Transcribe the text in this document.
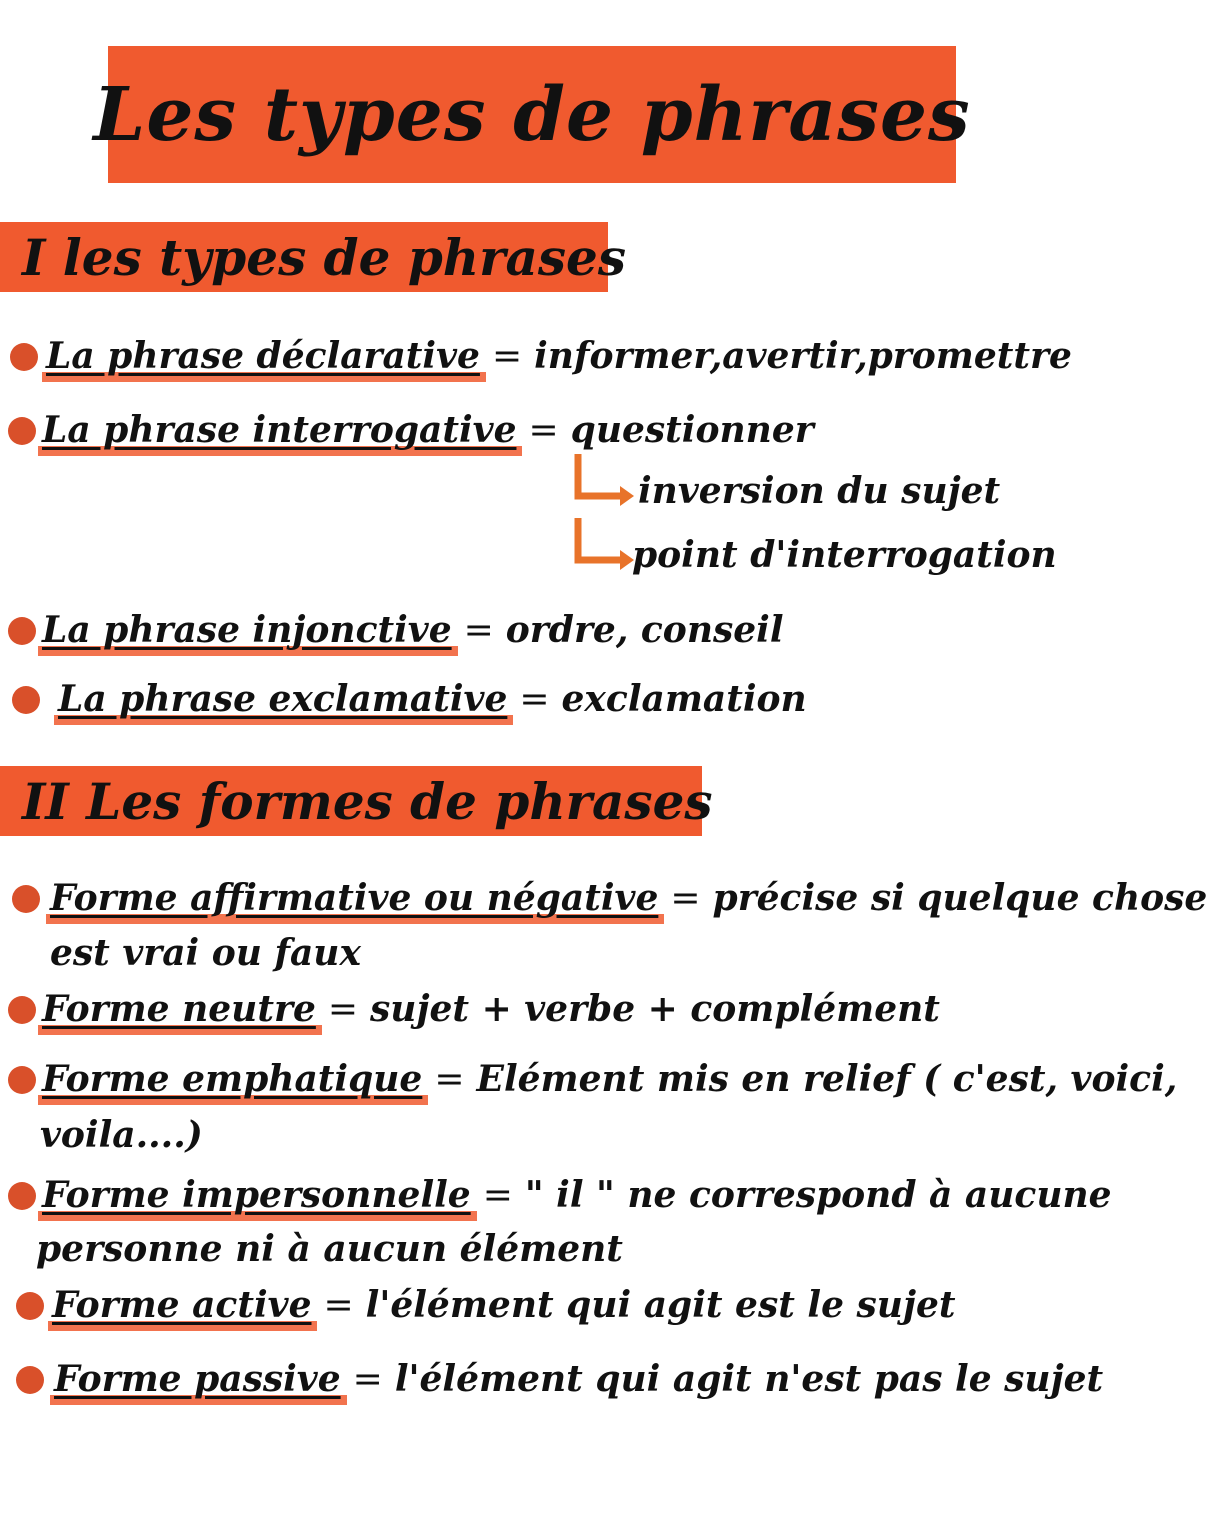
Les types de phrases
I les types de phrases
La phrase déclarative = informer,avertir,promettre
La phrase interrogative = questionner
inversion du sujet
point d'interrogation
La phrase injonctive = ordre, conseil
La phrase exclamative = exclamation
II Les formes de phrases
Forme affirmative ou négative = précise si quelque chose
est vrai ou faux
Forme neutre = sujet + verbe + complément
Forme emphatique = Elément mis en relief ( c'est, voici,
voila....)
Forme impersonnelle = " il " ne correspond à aucune
personne ni à aucun élément
Forme active = l'élément qui agit est le sujet
Forme passive = l'élément qui agit n'est pas le sujet
